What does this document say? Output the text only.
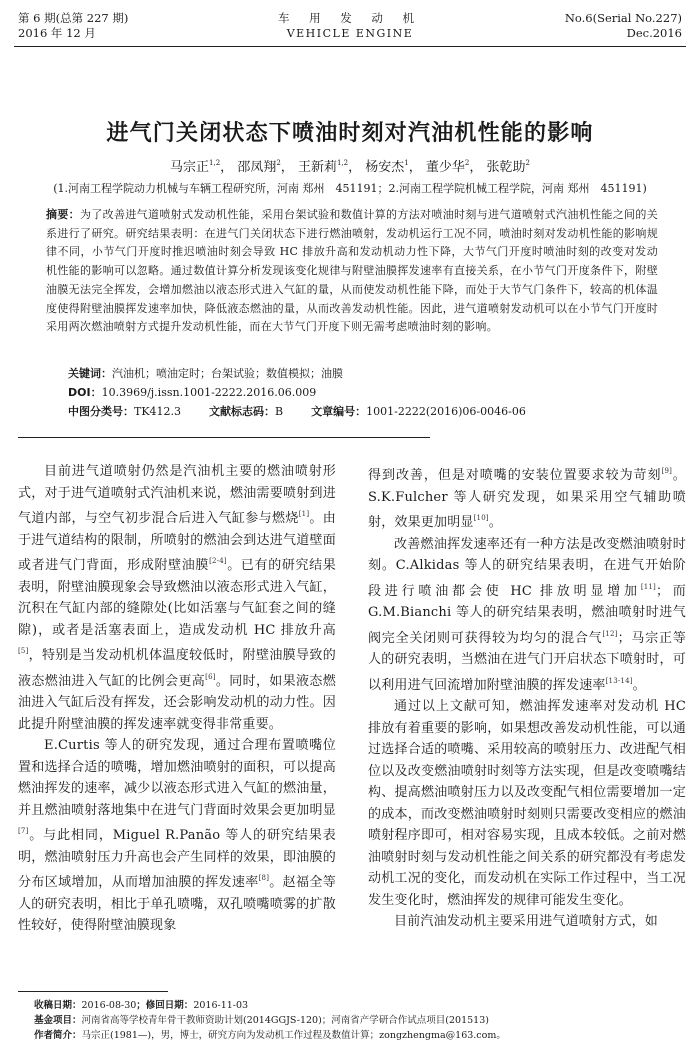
第 6 期(总第 227 期)
2016 年 12 月
车 用 发 动 机
VEHICLE ENGINE
No.6(Serial No.227)
Dec.2016
进气门关闭状态下喷油时刻对汽油机性能的影响
马宗正$^{1,2}$， 邵凤翔$^2$， 王新莉$^{1,2}$， 杨安杰$^1$， 董少华$^2$， 张乾助$^2$
(1.河南工程学院动力机械与车辆工程研究所，河南 郑州　451191；2.河南工程学院机械工程学院，河南 郑州　451191)
摘要：为了改善进气道喷射式发动机性能，采用台架试验和数值计算的方法对喷油时刻与进气道喷射式汽油机性能之间的关系进行了研究。研究结果表明：在进气门关闭状态下进行燃油喷射，发动机运行工况不同，喷油时刻对发动机性能的影响规律不同，小节气门开度时推迟喷油时刻会导致 HC 排放升高和发动机动力性下降，大节气门开度时喷油时刻的改变对发动机性能的影响可以忽略。通过数值计算分析发现该变化规律与附壁油膜挥发速率有直接关系，在小节气门开度条件下，附壁油膜无法完全挥发，会增加燃油以液态形式进入气缸的量，从而使发动机性能下降，而处于大节气门条件下，较高的机体温度使得附壁油膜挥发速率加快，降低液态燃油的量，从而改善发动机性能。因此，进气道喷射发动机可以在小节气门开度时采用两次燃油喷射方式提升发动机性能，而在大节气门开度下则无需考虑喷油时刻的影响。
关键词：汽油机；喷油定时；台架试验；数值模拟；油膜
DOI：10.3969/j.issn.1001-2222.2016.06.009
中图分类号：TK412.3	文献标志码：B	文章编号：1001-2222(2016)06-0046-06

目前进气道喷射仍然是汽油机主要的燃油喷射形式，对于进气道喷射式汽油机来说，燃油需要喷射到进气道内部，与空气初步混合后进入气缸参与燃烧[1]。由于进气道结构的限制，所喷射的燃油会到达进气道壁面或者进气门背面，形成附壁油膜[2-4]。已有的研究结果表明，附壁油膜现象会导致燃油以液态形式进入气缸，沉积在气缸内部的缝隙处(比如活塞与气缸套之间的缝隙)，或者是活塞表面上，造成发动机 HC 排放升高[5]，特别是当发动机机体温度较低时，附壁油膜导致的液态燃油进入气缸的比例会更高[6]。同时，如果液态燃油进入气缸后没有挥发，还会影响发动机的动力性。因此提升附壁油膜的挥发速率就变得非常重要。

E.Curtis 等人的研究发现，通过合理布置喷嘴位置和选择合适的喷嘴，增加燃油喷射的面积，可以提高燃油挥发的速率，减少以液态形式进入气缸的燃油量，并且燃油喷射落地集中在进气门背面时效果会更加明显[7]。与此相同，Miguel R.Panão 等人的研究结果表明，燃油喷射压力升高也会产生同样的效果，即油膜的分布区域增加，从而增加油膜的挥发速率[8]。赵福全等人的研究表明，相比于单孔喷嘴，双孔喷嘴喷雾的扩散性较好，使得附壁油膜现象

得到改善，但是对喷嘴的安装位置要求较为苛刻[9]。S.K.Fulcher 等人研究发现，如果采用空气辅助喷射，效果更加明显[10]。

改善燃油挥发速率还有一种方法是改变燃油喷射时刻。C.Alkidas 等人的研究结果表明，在进气开始阶段进行喷油都会使 HC 排放明显增加[11]；而 G.M.Bianchi 等人的研究结果表明，燃油喷射时进气阀完全关闭则可获得较为均匀的混合气[12]；马宗正等人的研究表明，当燃油在进气门开启状态下喷射时，可以利用进气回流增加附壁油膜的挥发速率[13-14]。

通过以上文献可知，燃油挥发速率对发动机 HC 排放有着重要的影响，如果想改善发动机性能，可以通过选择合适的喷嘴、采用较高的喷射压力、改进配气相位以及改变燃油喷射时刻等方法实现，但是改变喷嘴结构、提高燃油喷射压力以及改变配气相位需要增加一定的成本，而改变燃油喷射时刻则只需要改变相应的燃油喷射程序即可，相对容易实现，且成本较低。之前对燃油喷射时刻与发动机性能之间关系的研究都没有考虑发动机工况的变化，而发动机在实际工作过程中，当工况发生变化时，燃油挥发的规律可能发生变化。

目前汽油发动机主要采用进气道喷射方式，如

收稿日期：2016-08-30；修回日期：2016-11-03
基金项目：河南省高等学校青年骨干教师资助计划(2014GGJS-120)；河南省产学研合作试点项目(201513)
作者简介：马宗正(1981—)，男，博士，研究方向为发动机工作过程及数值计算；zongzhengma@163.com。
